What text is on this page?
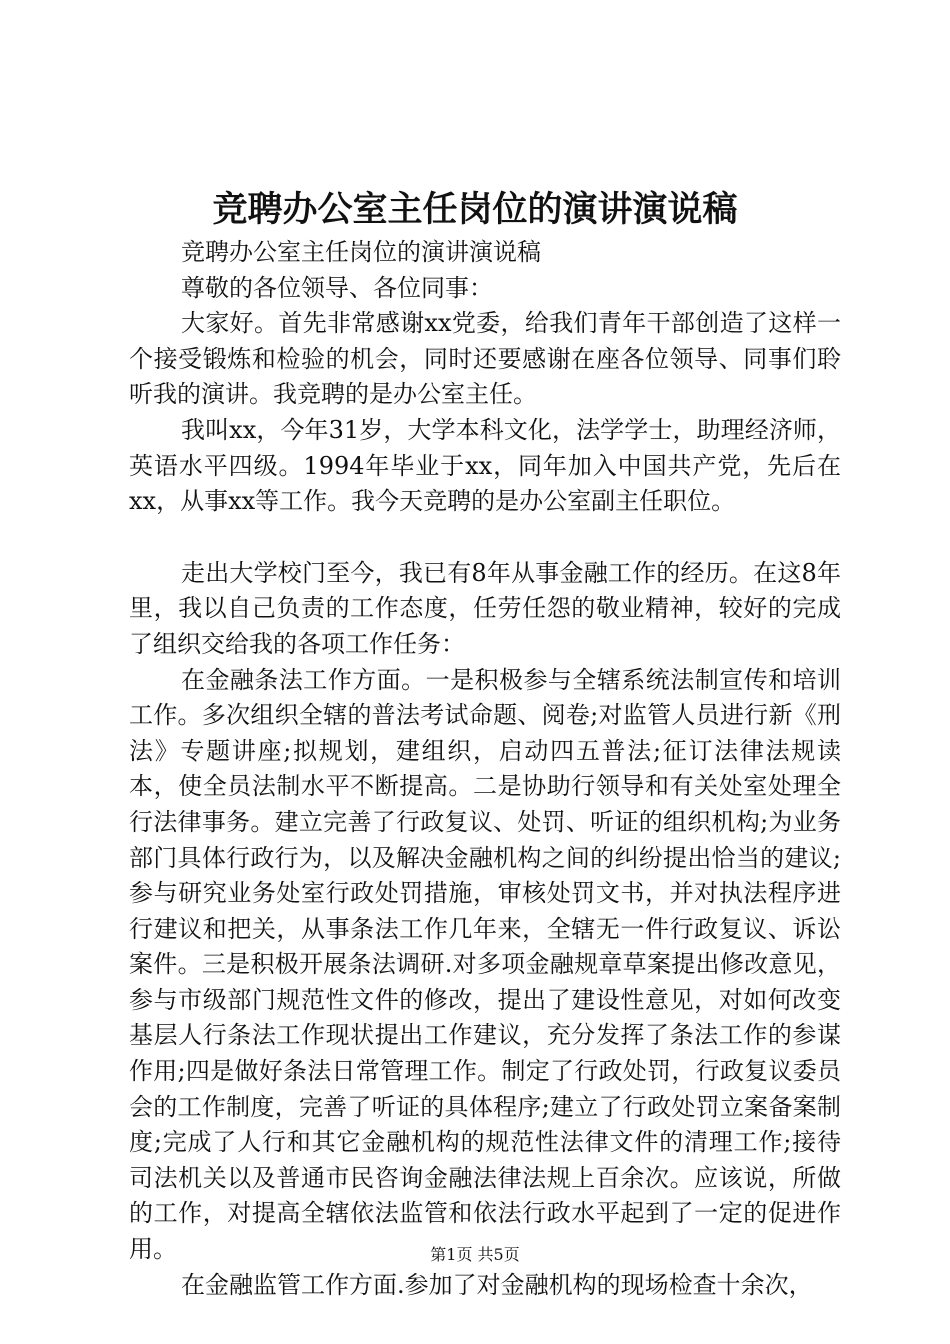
竞聘办公室主任岗位的演讲演说稿

竞聘办公室主任岗位的演讲演说稿

尊敬的各位领导、各位同事：

大家好。首先非常感谢xx党委，给我们青年干部创造了这样一个接受锻炼和检验的机会，同时还要感谢在座各位领导、同事们聆听我的演讲。我竞聘的是办公室主任。

我叫xx，今年31岁，大学本科文化，法学学士，助理经济师，英语水平四级。1994年毕业于xx，同年加入中国共产党，先后在xx，从事xx等工作。我今天竞聘的是办公室副主任职位。

走出大学校门至今，我已有8年从事金融工作的经历。在这8年里，我以自己负责的工作态度，任劳任怨的敬业精神，较好的完成了组织交给我的各项工作任务：

在金融条法工作方面。一是积极参与全辖系统法制宣传和培训工作。多次组织全辖的普法考试命题、阅卷;对监管人员进行新《刑法》专题讲座;拟规划，建组织，启动四五普法;征订法律法规读本，使全员法制水平不断提高。二是协助行领导和有关处室处理全行法律事务。建立完善了行政复议、处罚、听证的组织机构;为业务部门具体行政行为，以及解决金融机构之间的纠纷提出恰当的建议;参与研究业务处室行政处罚措施，审核处罚文书，并对执法程序进行建议和把关，从事条法工作几年来，全辖无一件行政复议、诉讼案件。三是积极开展条法调研.对多项金融规章草案提出修改意见，参与市级部门规范性文件的修改，提出了建设性意见，对如何改变基层人行条法工作现状提出工作建议，充分发挥了条法工作的参谋作用;四是做好条法日常管理工作。制定了行政处罚，行政复议委员会的工作制度，完善了听证的具体程序;建立了行政处罚立案备案制度;完成了人行和其它金融机构的规范性法律文件的清理工作;接待司法机关以及普通市民咨询金融法律法规上百余次。应该说，所做的工作，对提高全辖依法监管和依法行政水平起到了一定的促进作用。

在金融监管工作方面.参加了对金融机构的现场检查十余次，

第1页 共5页
